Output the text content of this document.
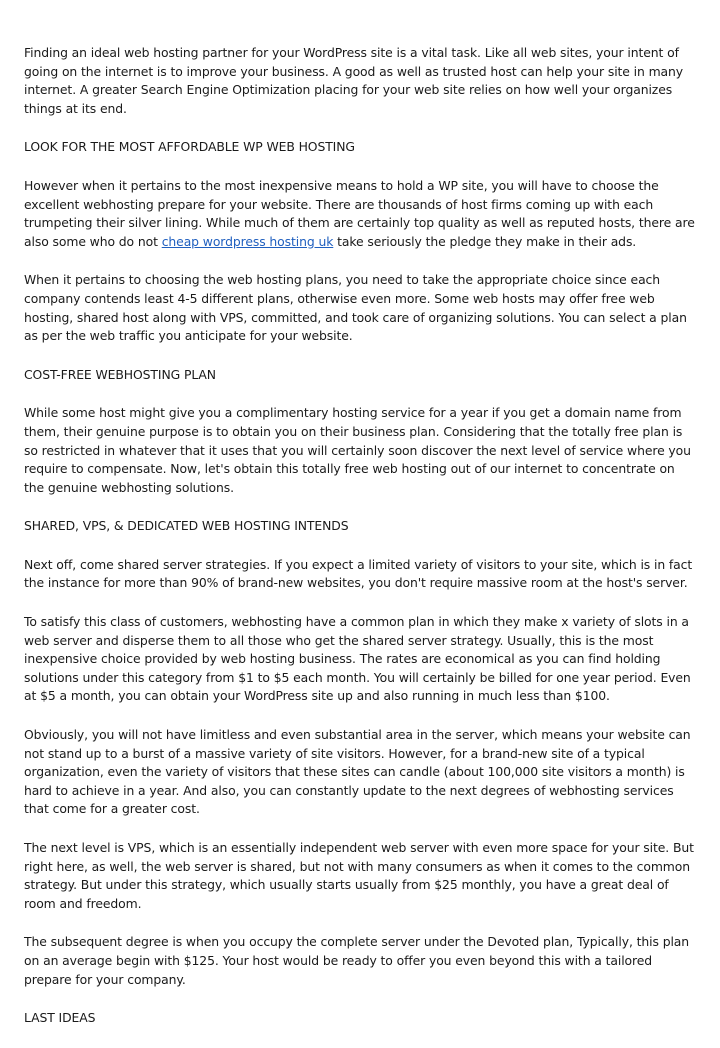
Finding an ideal web hosting partner for your WordPress site is a vital task. Like all web sites, your intent of going on the internet is to improve your business. A good as well as trusted host can help your site in many internet. A greater Search Engine Optimization placing for your web site relies on how well your organizes things at its end.

LOOK FOR THE MOST AFFORDABLE WP WEB HOSTING

However when it pertains to the most inexpensive means to hold a WP site, you will have to choose the excellent webhosting prepare for your website. There are thousands of host firms coming up with each trumpeting their silver lining. While much of them are certainly top quality as well as reputed hosts, there are also some who do not cheap wordpress hosting uk take seriously the pledge they make in their ads.

When it pertains to choosing the web hosting plans, you need to take the appropriate choice since each company contends least 4-5 different plans, otherwise even more. Some web hosts may offer free web hosting, shared host along with VPS, committed, and took care of organizing solutions. You can select a plan as per the web traffic you anticipate for your website.

COST-FREE WEBHOSTING PLAN

While some host might give you a complimentary hosting service for a year if you get a domain name from them, their genuine purpose is to obtain you on their business plan. Considering that the totally free plan is so restricted in whatever that it uses that you will certainly soon discover the next level of service where you require to compensate. Now, let's obtain this totally free web hosting out of our internet to concentrate on the genuine webhosting solutions.

SHARED, VPS, & DEDICATED WEB HOSTING INTENDS

Next off, come shared server strategies. If you expect a limited variety of visitors to your site, which is in fact the instance for more than 90% of brand-new websites, you don't require massive room at the host's server.

To satisfy this class of customers, webhosting have a common plan in which they make x variety of slots in a web server and disperse them to all those who get the shared server strategy. Usually, this is the most inexpensive choice provided by web hosting business. The rates are economical as you can find holding solutions under this category from $1 to $5 each month. You will certainly be billed for one year period. Even at $5 a month, you can obtain your WordPress site up and also running in much less than $100.

Obviously, you will not have limitless and even substantial area in the server, which means your website can not stand up to a burst of a massive variety of site visitors. However, for a brand-new site of a typical organization, even the variety of visitors that these sites can candle (about 100,000 site visitors a month) is hard to achieve in a year. And also, you can constantly update to the next degrees of webhosting services that come for a greater cost.

The next level is VPS, which is an essentially independent web server with even more space for your site. But right here, as well, the web server is shared, but not with many consumers as when it comes to the common strategy. But under this strategy, which usually starts usually from $25 monthly, you have a great deal of room and freedom.

The subsequent degree is when you occupy the complete server under the Devoted plan, Typically, this plan on an average begin with $125. Your host would be ready to offer you even beyond this with a tailored prepare for your company.

LAST IDEAS
